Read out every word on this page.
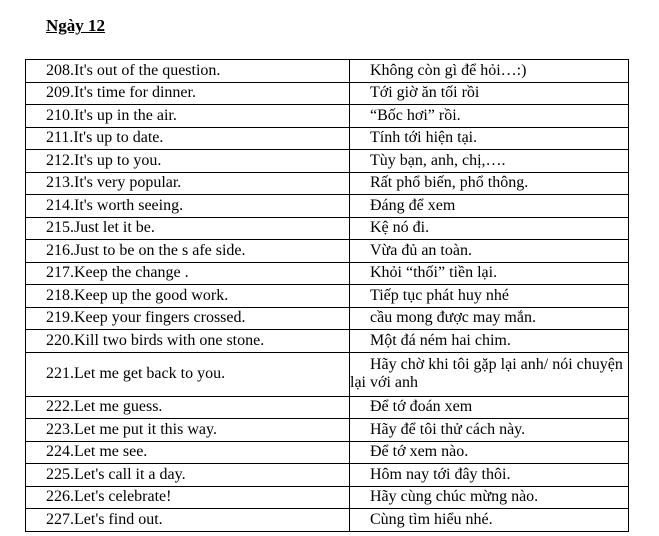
Ngày 12
208.It's out of the question.	Không còn gì để hỏi…:)
209.It's time for dinner.	Tới giờ ăn tối rồi
210.It's up in the air.	“Bốc hơi” rồi.
211.It's up to date.	Tính tới hiện tại.
212.It's up to you.	Tùy bạn, anh, chị,….
213.It's very popular.	Rất phổ biến, phổ thông.
214.It's worth seeing.	Đáng để xem
215.Just let it be.	Kệ nó đi.
216.Just to be on the s afe side.	Vừa đủ an toàn.
217.Keep the change .	Khỏi “thối” tiền lại.
218.Keep up the good work.	Tiếp tục phát huy nhé
219.Keep your fingers crossed.	cầu mong được may mắn.
220.Kill two birds with one stone.	Một đá ném hai chim.
221.Let me get back to you.	Hãy chờ khi tôi gặp lại anh/ nói chuyện lại với anh
222.Let me guess.	Để tớ đoán xem
223.Let me put it this way.	Hãy để tôi thử cách này.
224.Let me see.	Để tớ xem nào.
225.Let's call it a day.	Hôm nay tới đây thôi.
226.Let's celebrate!	Hãy cùng chúc mừng nào.
227.Let's find out.	Cùng tìm hiểu nhé.
